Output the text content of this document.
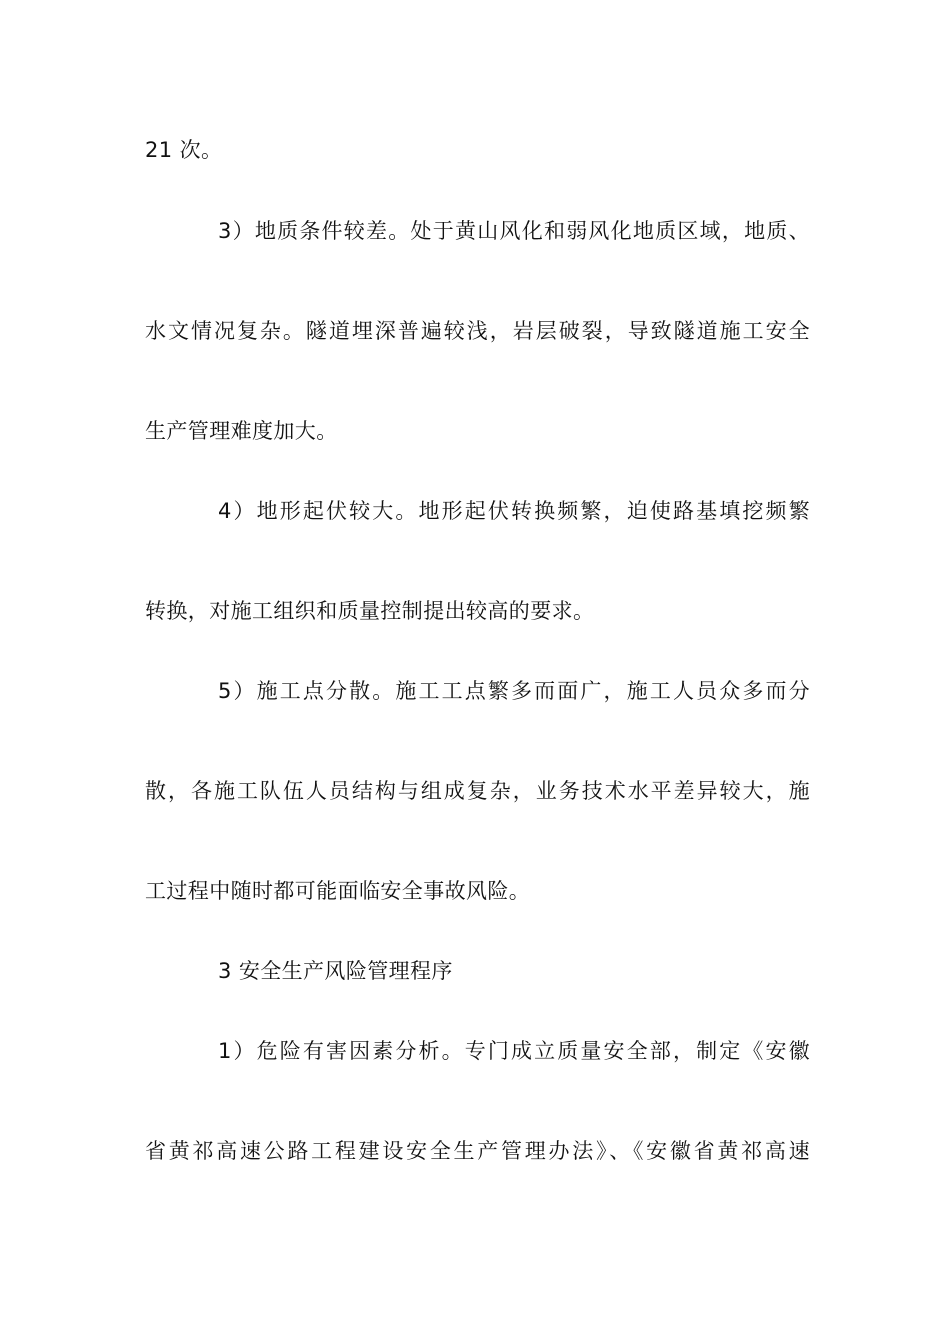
21 次。
3）地质条件较差。处于黄山风化和弱风化地质区域，地质、
水文情况复杂。隧道埋深普遍较浅，岩层破裂，导致隧道施工安全
生产管理难度加大。
4）地形起伏较大。地形起伏转换频繁，迫使路基填挖频繁
转换，对施工组织和质量控制提出较高的要求。
5）施工点分散。施工工点繁多而面广，施工人员众多而分
散，各施工队伍人员结构与组成复杂，业务技术水平差异较大，施
工过程中随时都可能面临安全事故风险。
3 安全生产风险管理程序
1）危险有害因素分析。专门成立质量安全部，制定《安徽
省黄祁高速公路工程建设安全生产管理办法》、《安徽省黄祁高速
